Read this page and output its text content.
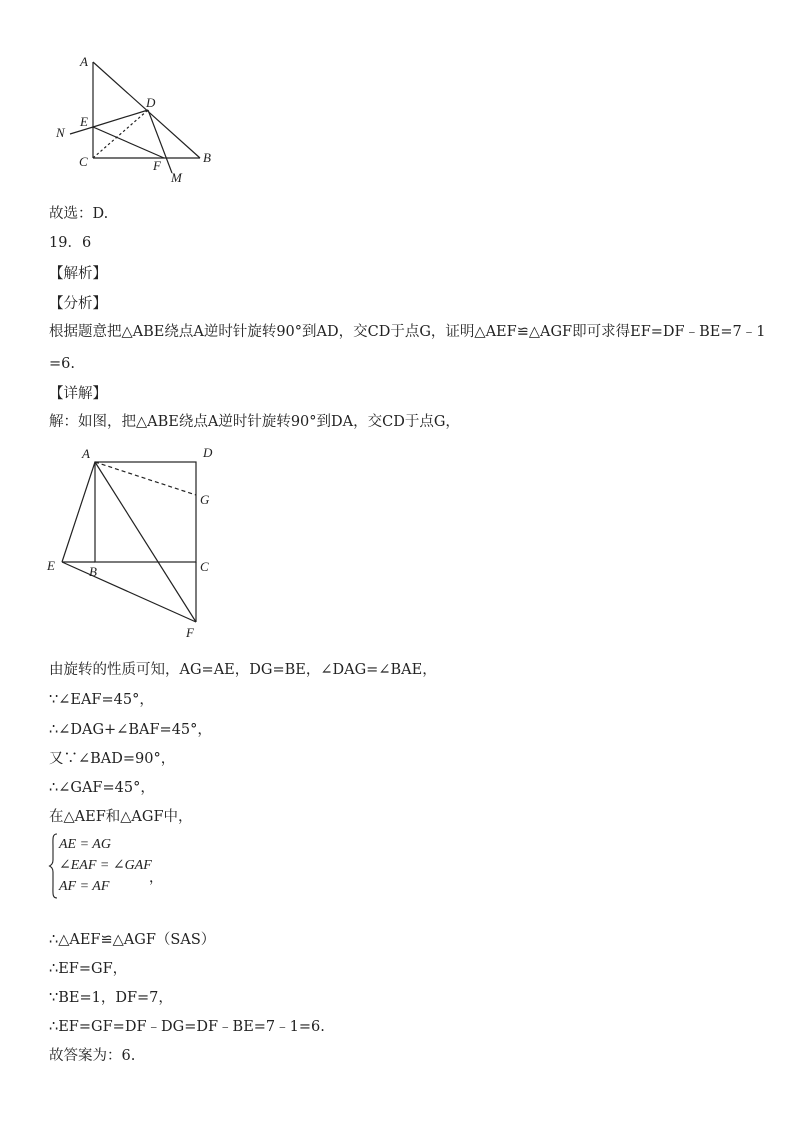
A
D
N
E
C	F
B
M
故选：D.
19．6
【解析】
【分析】
根据题意把△ABE绕点A逆时针旋转90°到AD，交CD于点G，证明△AEF≌△AGF即可求得EF=DF﹣BE=7﹣1
=6.
【详解】
解：如图，把△ABE绕点A逆时针旋转90°到DA，交CD于点G，
A	D
G
E	B	C
F
由旋转的性质可知，AG=AE，DG=BE，∠DAG=∠BAE，
∵∠EAF=45°，
∴∠DAG+∠BAF=45°，
又∵∠BAD=90°，
∴∠GAF=45°，
在△AEF和△AGF中，
AE = AG
∠EAF = ∠GAF
AF = AF
，
∴△AEF≌△AGF（SAS）
∴EF=GF，
∵BE=1，DF=7，
∴EF=GF=DF﹣DG=DF﹣BE=7﹣1=6.
故答案为：6.
